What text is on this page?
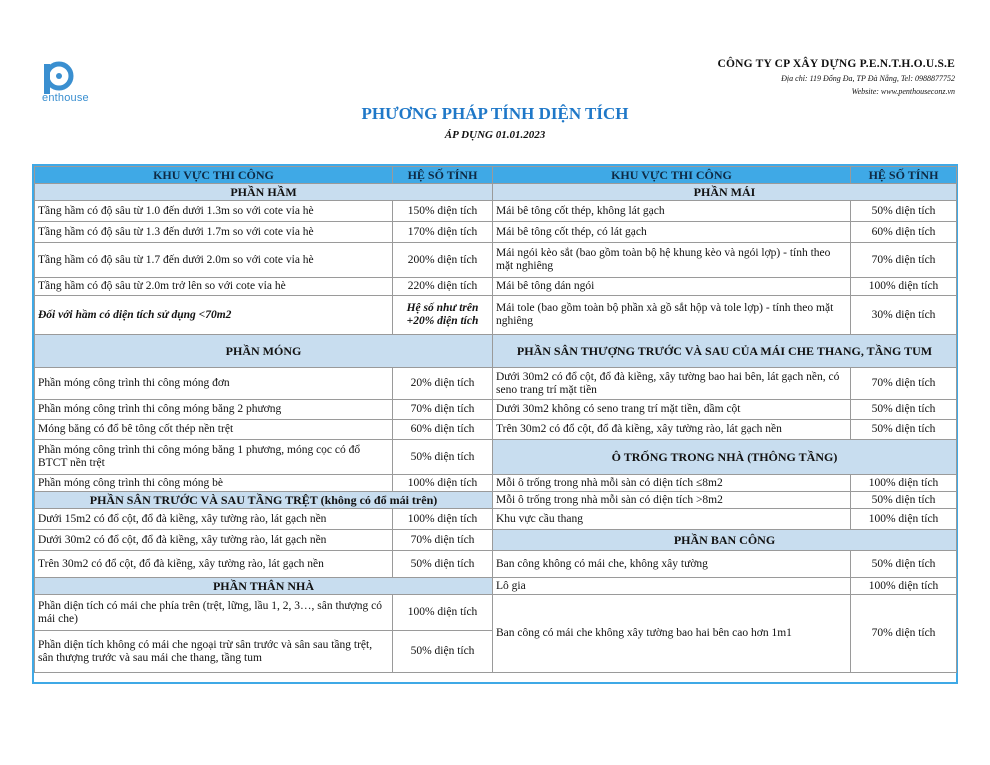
enthouse
CÔNG TY CP XÂY DỰNG P.E.N.T.H.O.U.S.E
Địa chỉ: 119 Đống Đa, TP Đà Nẵng, Tel: 0988877752
Website: www.penthouseconz.vn
PHƯƠNG PHÁP TÍNH DIỆN TÍCH
ÁP DỤNG 01.01.2023
KHU VỰC THI CÔNG	HỆ SỐ TÍNH
PHẦN HẦM	
Tầng hầm có độ sâu từ 1.0 đến dưới 1.3m so với cote vỉa hè	150% diện tích
Tầng hầm có độ sâu từ 1.3 đến dưới 1.7m so với cote vỉa hè	170% diện tích
Tầng hầm có độ sâu từ 1.7 đến dưới 2.0m so với cote vỉa hè	200% diện tích
Tầng hầm có độ sâu từ 2.0m trở lên so với cote vỉa hè	220% diện tích
Đối với hầm có diện tích sử dụng <70m2	Hệ số như trên +20% diện tích
PHẦN MÓNG	
Phần móng công trình thi công móng đơn	20% diện tích
Phần móng công trình thi công móng băng 2 phương	70% diện tích
Móng băng có đổ bê tông cốt thép nền trệt	60% diện tích
Phần móng công trình thi công móng băng 1 phương, móng cọc có đổ BTCT nền trệt	50% diện tích
Phần móng công trình thi công móng bè	100% diện tích
PHẦN SÂN TRƯỚC VÀ SAU TẦNG TRỆT (không có đổ mái trên)	
Dưới 15m2 có đổ cột, đổ đà kiềng, xây tường rào, lát gạch nền	100% diện tích
Dưới 30m2 có đổ cột, đổ đà kiềng, xây tường rào, lát gạch nền	70% diện tích
Trên 30m2 có đổ cột, đổ đà kiềng, xây tường rào, lát gạch nền	50% diện tích
PHẦN THÂN NHÀ	
Phần diện tích có mái che phía trên (trệt, lững, lầu 1, 2, 3…, sân thượng có mái che)	100% diện tích
Phần diện tích không có mái che ngoại trừ sân trước và sân sau tầng trệt, sân thượng trước và sau mái che thang, tầng tum	50% diện tích
KHU VỰC THI CÔNG	HỆ SỐ TÍNH
PHẦN MÁI	
Mái bê tông cốt thép, không lát gạch	50% diện tích
Mái bê tông cốt thép, có lát gạch	60% diện tích
Mái ngói kèo sắt (bao gồm toàn bộ hệ khung kèo và ngói lợp) - tính theo mặt nghiêng	70% diện tích
Mái bê tông dán ngói	100% diện tích
Mái tole (bao gồm toàn bộ phần xà gồ sắt hộp và tole lợp) - tính theo mặt nghiêng	30% diện tích
PHẦN SÂN THƯỢNG TRƯỚC VÀ SAU CỦA MÁI CHE THANG, TẦNG TUM	
Dưới 30m2 có đổ cột, đổ đà kiềng, xây tường bao hai bên, lát gạch nền, có seno trang trí mặt tiền	70% diện tích
Dưới 30m2 không có seno trang trí mặt tiền, dầm cột	50% diện tích
Trên 30m2 có đổ cột, đổ đà kiềng, xây tường rào, lát gạch nền	50% diện tích
Ô TRỐNG TRONG NHÀ (THÔNG TẦNG)	
Mỗi ô trống trong nhà mỗi sàn có diện tích ≤8m2	100% diện tích
Mỗi ô trống trong nhà mỗi sàn có diện tích >8m2	50% diện tích
Khu vực cầu thang	100% diện tích
PHẦN BAN CÔNG	
Ban công không có mái che, không xây tường	50% diện tích
Lô gia	100% diện tích
Ban công có mái che không xây tường bao hai bên cao hơn 1m1	70% diện tích
